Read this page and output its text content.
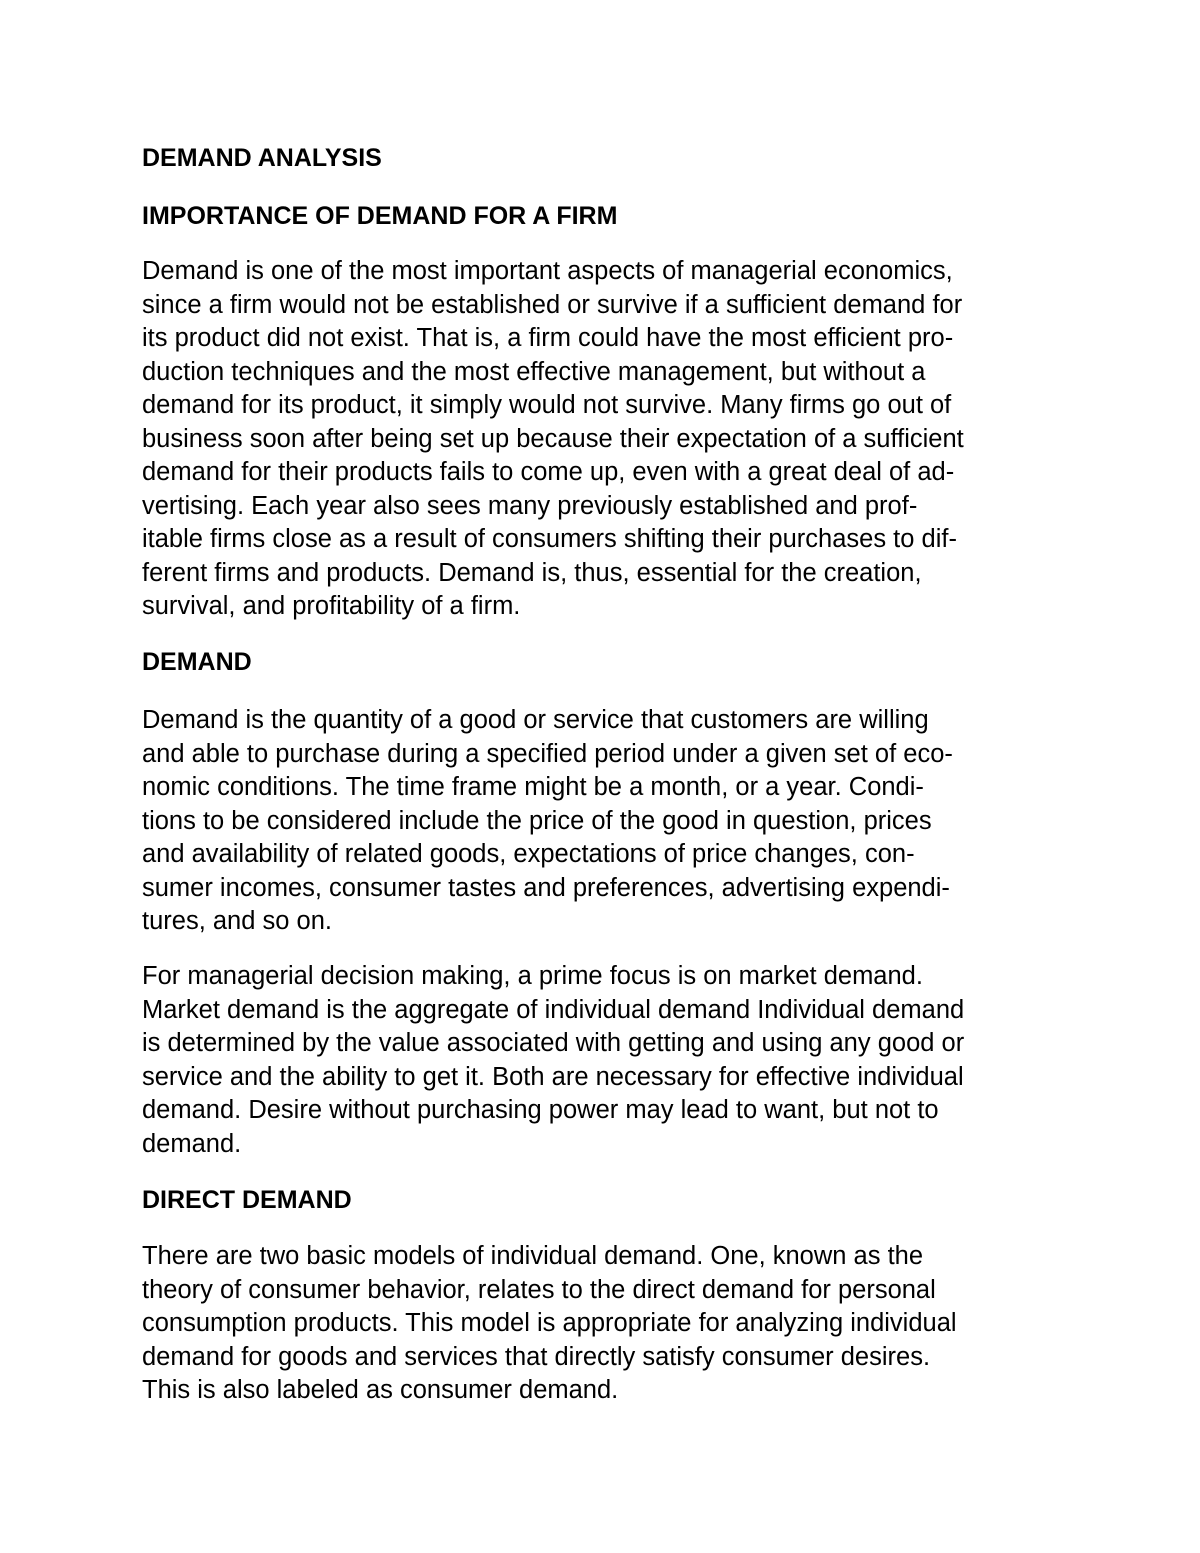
DEMAND ANALYSIS
IMPORTANCE OF DEMAND FOR A FIRM
Demand is one of the most important aspects of managerial economics,
since a firm would not be established or survive if a sufficient demand for
its product did not exist. That is, a firm could have the most efficient pro-
duction techniques and the most effective management, but without a
demand for its product, it simply would not survive. Many firms go out of
business soon after being set up because their expectation of a sufficient
demand for their products fails to come up, even with a great deal of ad-
vertising. Each year also sees many previously established and prof-
itable firms close as a result of consumers shifting their purchases to dif-
ferent firms and products. Demand is, thus, essential for the creation,
survival, and profitability of a firm.
DEMAND
Demand is the quantity of a good or service that customers are willing
and able to purchase during a specified period under a given set of eco-
nomic conditions. The time frame might be a month, or a year. Condi-
tions to be considered include the price of the good in question, prices
and availability of related goods, expectations of price changes, con-
sumer incomes, consumer tastes and preferences, advertising expendi-
tures, and so on.
For managerial decision making, a prime focus is on market demand.
Market demand is the aggregate of individual demand Individual demand
is determined by the value associated with getting and using any good or
service and the ability to get it. Both are necessary for effective individual
demand. Desire without purchasing power may lead to want, but not to
demand.
DIRECT DEMAND
There are two basic models of individual demand. One, known as the
theory of consumer behavior, relates to the direct demand for personal
consumption products. This model is appropriate for analyzing individual
demand for goods and services that directly satisfy consumer desires.
This is also labeled as consumer demand.
